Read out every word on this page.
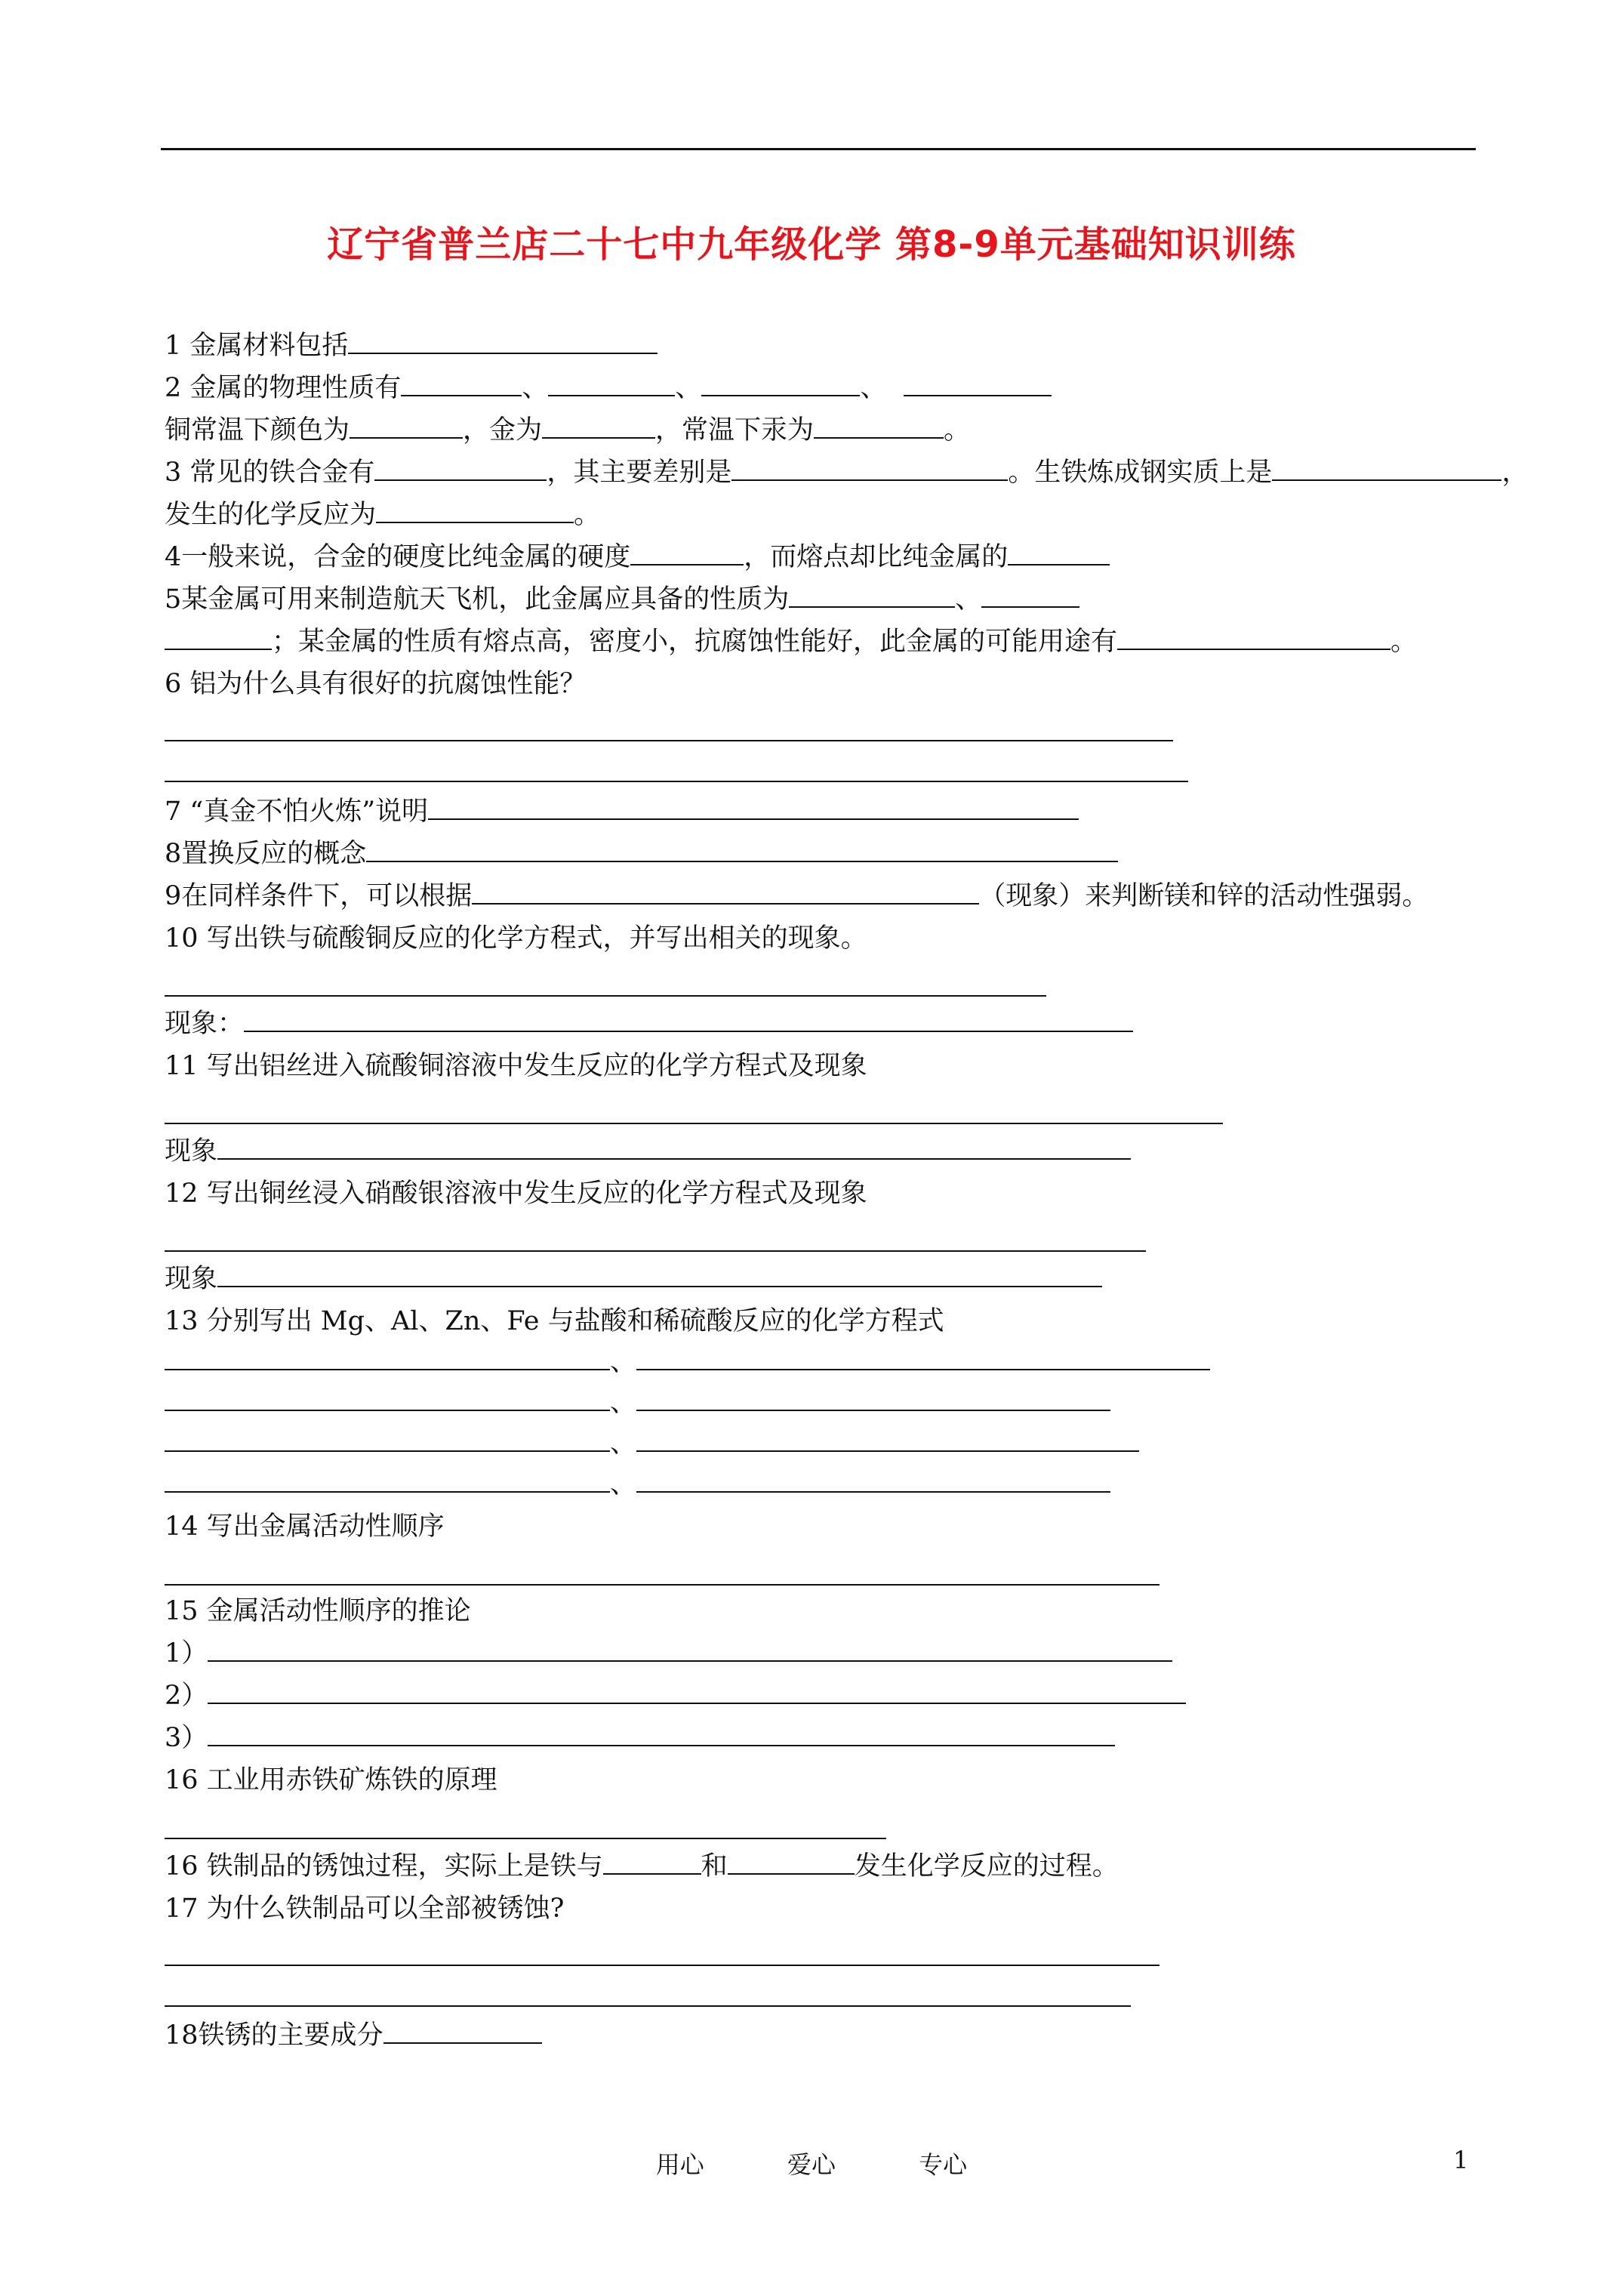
辽宁省普兰店二十七中九年级化学 第8-9单元基础知识训练
1 金属材料包括
2 金属的物理性质有	、	、	、
铜常温下颜色为	，金为	，常温下汞为	。
3 常见的铁合金有	，其主要差别是	。生铁炼成钢实质上是	，
发生的化学反应为	。
4一般来说，合金的硬度比纯金属的硬度	，而熔点却比纯金属的
5某金属可用来制造航天飞机，此金属应具备的性质为	、
；某金属的性质有熔点高，密度小，抗腐蚀性能好，此金属的可能用途有	。
6 铝为什么具有很好的抗腐蚀性能？
7 “真金不怕火炼”说明
8置换反应的概念
9在同样条件下，可以根据	（现象）来判断镁和锌的活动性强弱。
10 写出铁与硫酸铜反应的化学方程式，并写出相关的现象。
现象：
11 写出铝丝进入硫酸铜溶液中发生反应的化学方程式及现象
现象
12 写出铜丝浸入硝酸银溶液中发生反应的化学方程式及现象
现象
13 分别写出 Mg、Al、Zn、Fe 与盐酸和稀硫酸反应的化学方程式
、
、
、
、
14 写出金属活动性顺序
15 金属活动性顺序的推论
1）
2）
3）
16 工业用赤铁矿炼铁的原理
16 铁制品的锈蚀过程，实际上是铁与	和	发生化学反应的过程。
17 为什么铁制品可以全部被锈蚀?
18铁锈的主要成分
用心	爱心	专心	1
